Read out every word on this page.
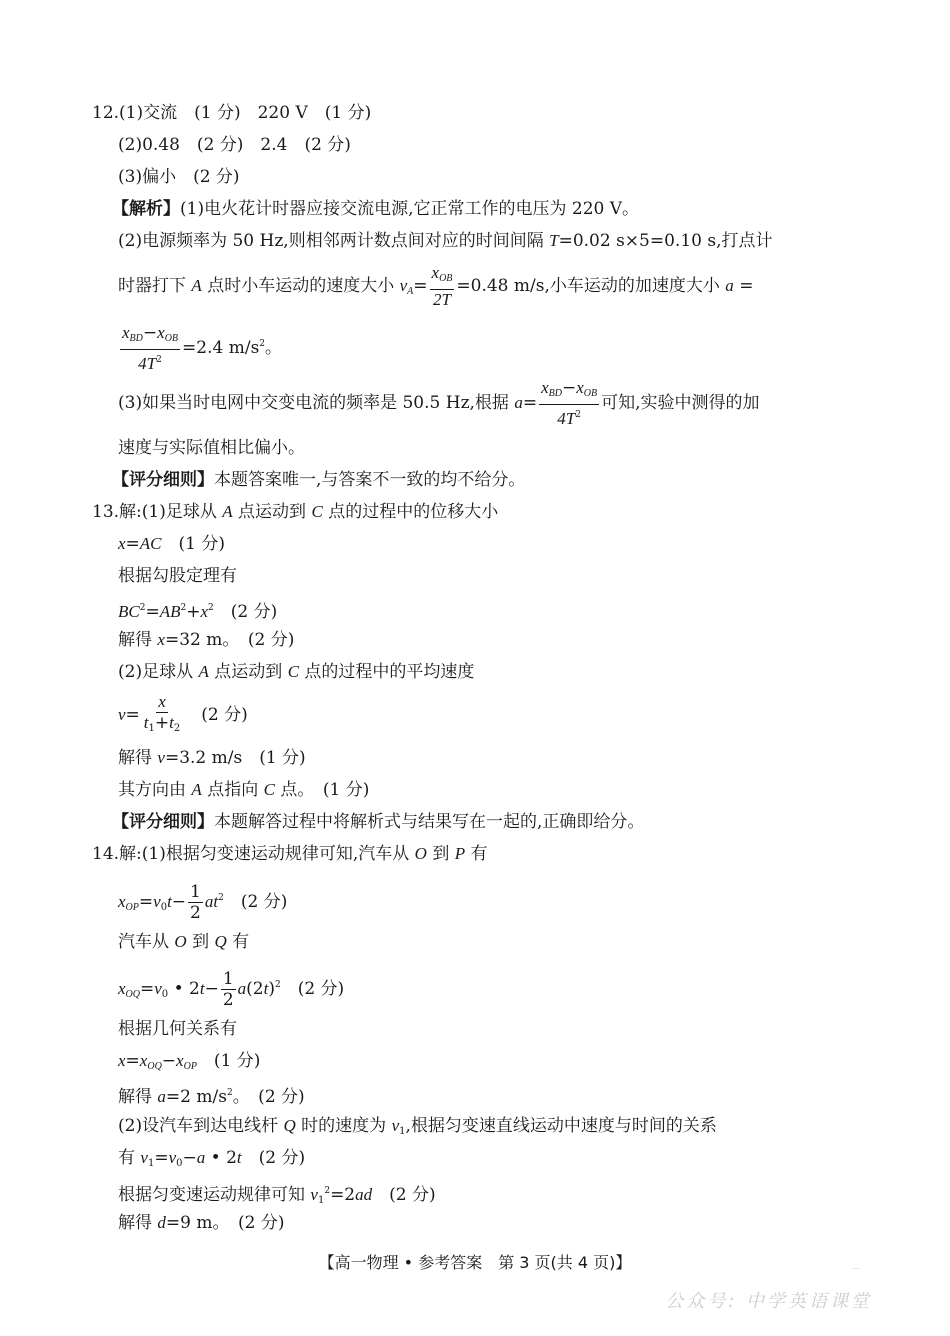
12.(1)交流　(1 分)　220 V　(1 分)
(2)0.48　(2 分)　2.4　(2 分)
(3)偏小　(2 分)
【解析】(1)电火花计时器应接交流电源,它正常工作的电压为 220 V。
(2)电源频率为 50 Hz,则相邻两计数点间对应的时间间隔 T=0.02 s×5=0.10 s,打点计
时器打下 A 点时小车运动的速度大小 $v_A= \frac{x_{OB}}{2T} =0.48$ m/s,小车运动的加速度大小 a =
$\frac{x_{BD}-x_{OB}}{4T^2} =2.4$ $m/s^2$。
(3)如果当时电网中交变电流的频率是 50.5 Hz,根据 $a= \frac{x_{BD}-x_{OB}}{4T^2}$ 可知,实验中测得的加
速度与实际值相比偏小。
【评分细则】本题答案唯一,与答案不一致的均不给分。
13.解:(1)足球从 A 点运动到 C 点的过程中的位移大小
x=AC　(1 分)
根据勾股定理有
$BC^2=AB^2+x^2$　(2 分)
解得 x=32 m。　(2 分)
(2)足球从 A 点运动到 C 点的过程中的平均速度
$v= \frac{x}{t_1+t_2}$ 　(2 分)
解得 v=3.2 m/s　(1 分)
其方向由 A 点指向 C 点。　(1 分)
【评分细则】本题解答过程中将解析式与结果写在一起的,正确即给分。
14.解:(1)根据匀变速运动规律可知,汽车从 O 到 P 有
$x_{OP}=v_0t- \frac{1}{2} at^2$　(2 分)
汽车从 O 到 Q 有
$x_{OQ}=v_0$ • $2t- \frac{1}{2} a(2t)^2$　(2 分)
根据几何关系有
$x=x_{OQ}-x_{OP}$　(1 分)
解得 a=2 $m/s^2$。　(2 分)
(2)设汽车到达电线杆 Q 时的速度为 $v_1$,根据匀变速直线运动中速度与时间的关系
有 $v_1=v_0-a$ • 2t　(2 分)
根据匀变速运动规律可知 $v_1^2=2ad$　(2 分)
解得 d=9 m。　(2 分)
【高一物理 • 参考答案　第 3 页(共 4 页)】	…
公众号: 中学英语课堂
